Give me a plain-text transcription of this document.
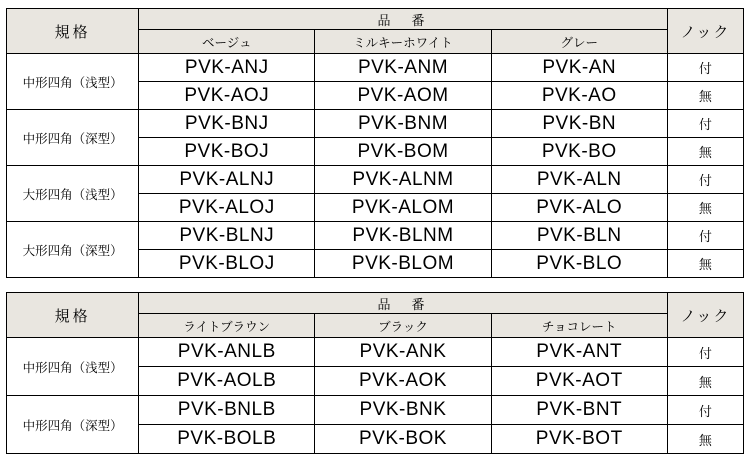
規格	品　番			ノック
	ベージュ	ミルキーホワイト	グレー	
中形四角（浅型）	PVK-ANJ	PVK-ANM	PVK-AN	付
	PVK-AOJ	PVK-AOM	PVK-AO	無
中形四角（深型）	PVK-BNJ	PVK-BNM	PVK-BN	付
	PVK-BOJ	PVK-BOM	PVK-BO	無
大形四角（浅型）	PVK-ALNJ	PVK-ALNM	PVK-ALN	付
	PVK-ALOJ	PVK-ALOM	PVK-ALO	無
大形四角（深型）	PVK-BLNJ	PVK-BLNM	PVK-BLN	付
	PVK-BLOJ	PVK-BLOM	PVK-BLO	無
規格	品　番			ノック
	ライトブラウン	ブラック	チョコレート	
中形四角（浅型）	PVK-ANLB	PVK-ANK	PVK-ANT	付
	PVK-AOLB	PVK-AOK	PVK-AOT	無
中形四角（深型）	PVK-BNLB	PVK-BNK	PVK-BNT	付
	PVK-BOLB	PVK-BOK	PVK-BOT	無
